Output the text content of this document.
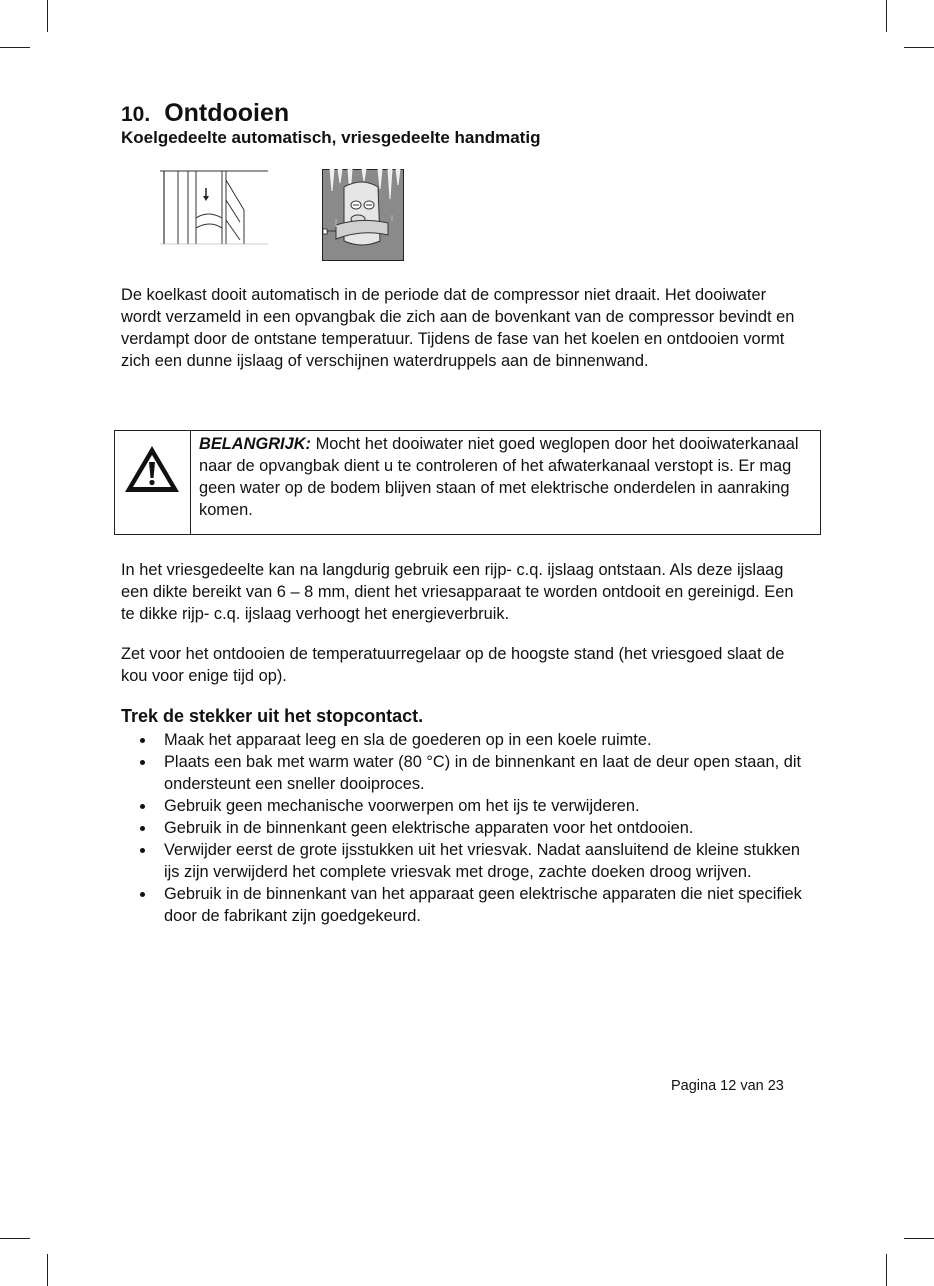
10. Ontdooien
Koelgedeelte automatisch, vriesgedeelte handmatig

De koelkast dooit automatisch in de periode dat de compressor niet draait. Het dooiwater wordt verzameld in een opvangbak die zich aan de bovenkant van de compressor bevindt en verdampt door de ontstane temperatuur. Tijdens de fase van het koelen en ontdooien vormt zich een dunne ijslaag of verschijnen waterdruppels aan de binnenwand.

BELANGRIJK: Mocht het dooiwater niet goed weglopen door het dooiwaterkanaal naar de opvangbak dient u te controleren of het afwaterkanaal verstopt is. Er mag geen water op de bodem blijven staan of met elektrische onderdelen in aanraking komen.

In het vriesgedeelte kan na langdurig gebruik een rijp- c.q. ijslaag ontstaan. Als deze ijslaag een dikte bereikt van 6 – 8 mm, dient het vriesapparaat te worden ontdooit en gereinigd. Een te dikke rijp- c.q. ijslaag verhoogt het energieverbruik.

Zet voor het ontdooien de temperatuurregelaar op de hoogste stand (het vriesgoed slaat de kou voor enige tijd op).

Trek de stekker uit het stopcontact.
Maak het apparaat leeg en sla de goederen op in een koele ruimte.
Plaats een bak met warm water (80 °C) in de binnenkant en laat de deur open staan, dit ondersteunt een sneller dooiproces.
Gebruik geen mechanische voorwerpen om het ijs te verwijderen.
Gebruik in de binnenkant geen elektrische apparaten voor het ontdooien.
Verwijder eerst de grote ijsstukken uit het vriesvak. Nadat aansluitend de kleine stukken ijs zijn verwijderd het complete vriesvak met droge, zachte doeken droog wrijven.
Gebruik in de binnenkant van het apparaat geen elektrische apparaten die niet specifiek door de fabrikant zijn goedgekeurd.
Pagina 12 van 23
